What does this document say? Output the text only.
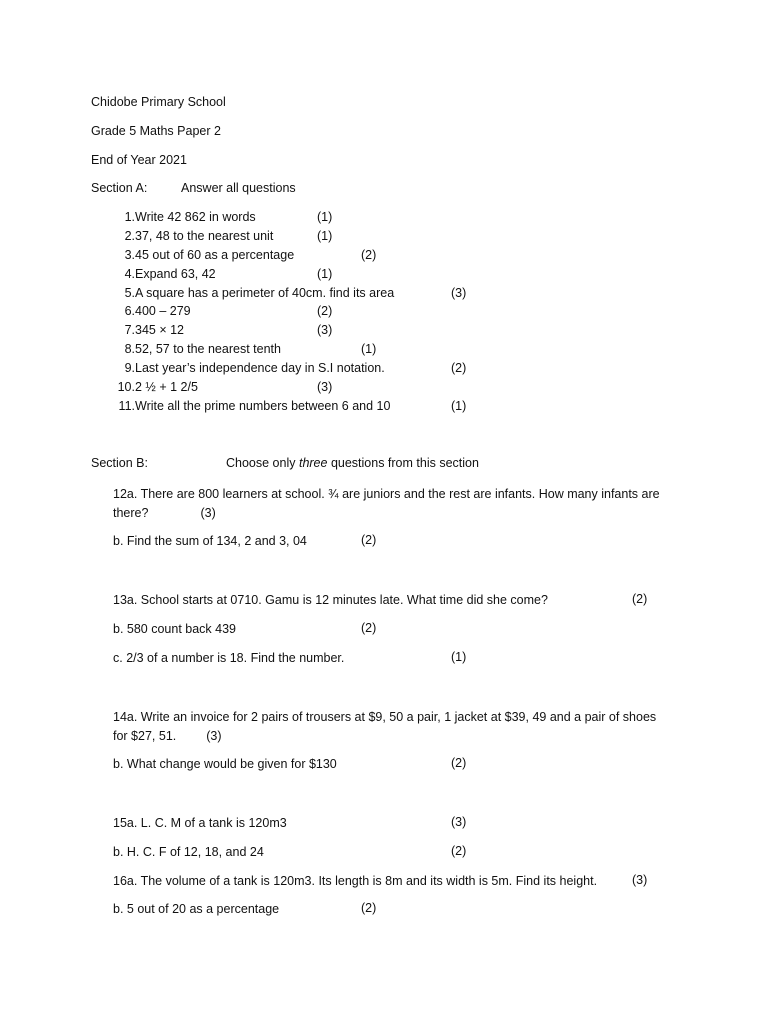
Chidobe Primary School
Grade 5 Maths Paper 2
End of Year 2021
Section A:	Answer all questions
1. Write 42 862 in words	(1)
2. 37, 48 to the nearest unit	(1)
3. 45 out of 60 as a percentage	(2)
4. Expand 63, 42	(1)
5. A square has a perimeter of 40cm. find its area	(3)
6. 400 – 279	(2)
7. 345 × 12	(3)
8. 52, 57 to the nearest tenth	(1)
9. Last year’s independence day in S.I notation.	(2)
10. 2 ½ + 1 2/5	(3)
11. Write all the prime numbers between 6 and 10	(1)
Section B:	Choose only three questions from this section
12a. There are 800 learners at school. ¾ are juniors and the rest are infants. How many infants are there?	(3)
b. Find the sum of 134, 2 and 3, 04	(2)
13a. School starts at 0710. Gamu is 12 minutes late. What time did she come?	(2)
b. 580 count back 439	(2)
c. 2/3 of a number is 18. Find the number.	(1)
14a. Write an invoice for 2 pairs of trousers at $9, 50 a pair, 1 jacket at $39, 49 and a pair of shoes for $27, 51. (3)
b. What change would be given for $130	(2)
15a. L. C. M of a tank is 120m3	(3)
b. H. C. F of 12, 18, and 24	(2)
16a. The volume of a tank is 120m3. Its length is 8m and its width is 5m. Find its height.	(3)
b. 5 out of 20 as a percentage	(2)
